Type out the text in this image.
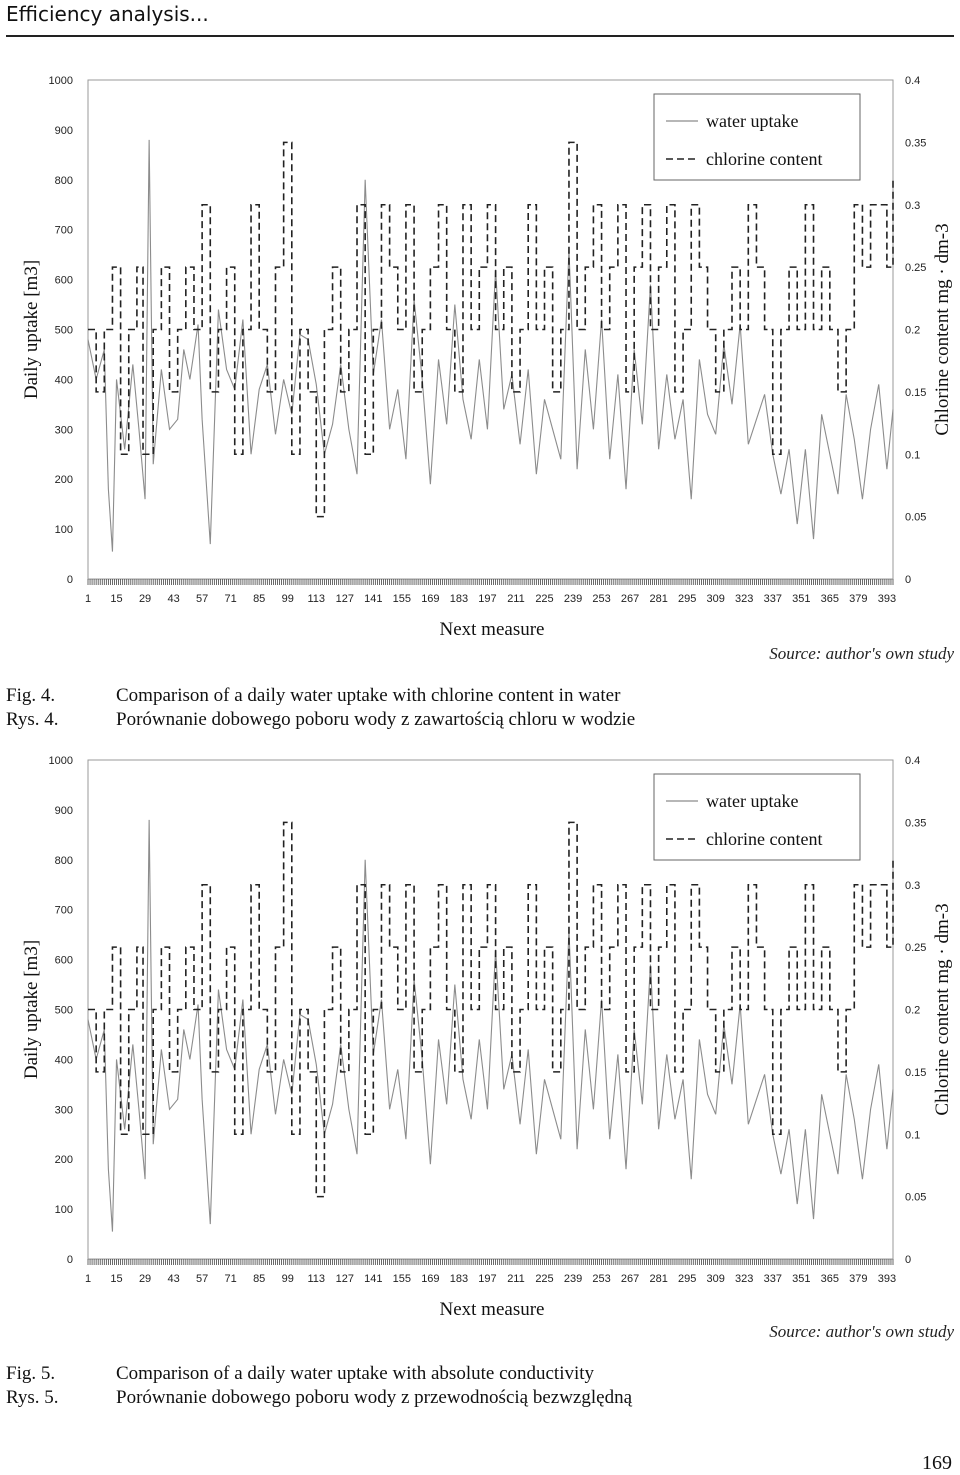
Efficiency analysis...
1 15 29 43 57 71 85 99 113 127 141 155 169 183 197 211 225 239 253 267 281 295 309 323 337 351 365 379 393
0
100
200
300
400
500
600
700
800
900
1000
0
0.05
0.1
0.15
0.2
0.25
0.3
0.35
0.4
Next measure
Daily uptake [m3]	Chlorine content mg · dm-3
water uptake
chlorine content
Source: author's own study
Fig. 4.	Comparison of a daily water uptake with chlorine content in water
Rys. 4.	Porównanie dobowego poboru wody z zawartością chloru w wodzie
1 15 29 43 57 71 85 99 113 127 141 155 169 183 197 211 225 239 253 267 281 295 309 323 337 351 365 379 393
0
100
200
300
400
500
600
700
800
900
1000
0
0.05
0.1
0.15
0.2
0.25
0.3
0.35
0.4
Next measure
Daily uptake [m3]	Chlorine content mg · dm-3
water uptake
chlorine content
Source: author's own study
Fig. 5.	Comparison of a daily water uptake with absolute conductivity
Rys. 5.	Porównanie dobowego poboru wody z przewodnością bezwzględną
169
